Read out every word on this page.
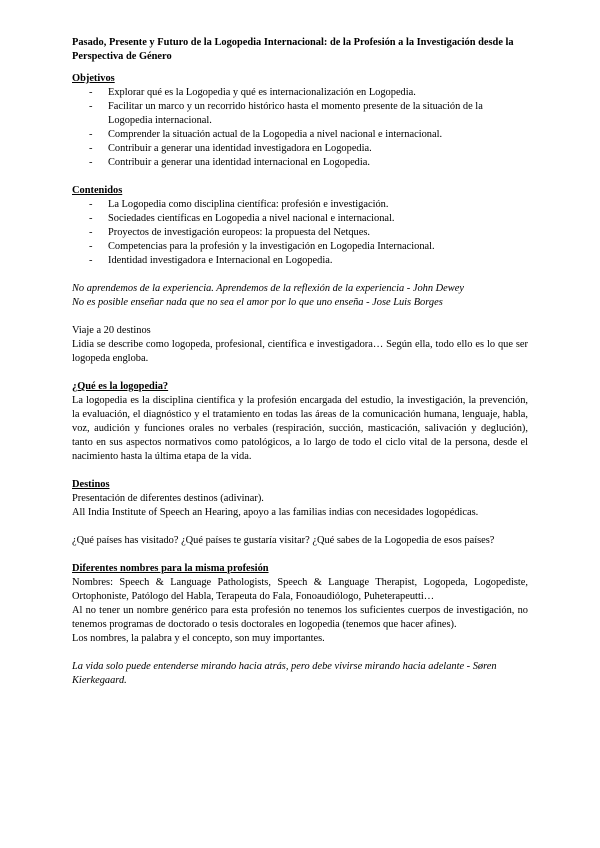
Pasado, Presente y Futuro de la Logopedia Internacional: de la Profesión a la Investigación desde la Perspectiva de Género

Objetivos

- Explorar qué es la Logopedia y qué es internacionalización en Logopedia.
- Facilitar un marco y un recorrido histórico hasta el momento presente de la situación de la Logopedia internacional.
- Comprender la situación actual de la Logopedia a nivel nacional e internacional.
- Contribuir a generar una identidad investigadora en Logopedia.
- Contribuir a generar una identidad internacional en Logopedia.

Contenidos

- La Logopedia como disciplina científica: profesión e investigación.
- Sociedades científicas en Logopedia a nivel nacional e internacional.
- Proyectos de investigación europeos: la propuesta del Netques.
- Competencias para la profesión y la investigación en Logopedia Internacional.
- Identidad investigadora e Internacional en Logopedia.

No aprendemos de la experiencia. Aprendemos de la reflexión de la experiencia - John Dewey

No es posible enseñar nada que no sea el amor por lo que uno enseña - Jose Luis Borges

Viaje a 20 destinos

Lidia se describe como logopeda, profesional, científica e investigadora… Según ella, todo ello es lo que ser logopeda engloba.

¿Qué es la logopedia?

La logopedia es la disciplina científica y la profesión encargada del estudio, la investigación, la prevención, la evaluación, el diagnóstico y el tratamiento en todas las áreas de la comunicación humana, lenguaje, habla, voz, audición y funciones orales no verbales (respiración, succión, masticación, salivación y deglución), tanto en sus aspectos normativos como patológicos, a lo largo de todo el ciclo vital de la persona, desde el nacimiento hasta la última etapa de la vida.

Destinos

Presentación de diferentes destinos (adivinar).

All India Institute of Speech an Hearing, apoyo a las familias indias con necesidades logopédicas.

¿Qué países has visitado? ¿Qué países te gustaría visitar? ¿Qué sabes de la Logopedia de esos países?

Diferentes nombres para la misma profesión

Nombres: Speech & Language Pathologists, Speech & Language Therapist, Logopeda, Logopediste, Ortophoniste, Patólogo del Habla, Terapeuta do Fala, Fonoaudiólogo, Puheterapeutti…

Al no tener un nombre genérico para esta profesión no tenemos los suficientes cuerpos de investigación, no tenemos programas de doctorado o tesis doctorales en logopedia (tenemos que hacer afines).

Los nombres, la palabra y el concepto, son muy importantes.

La vida solo puede entenderse mirando hacia atrás, pero debe vivirse mirando hacia adelante - Søren Kierkegaard.
